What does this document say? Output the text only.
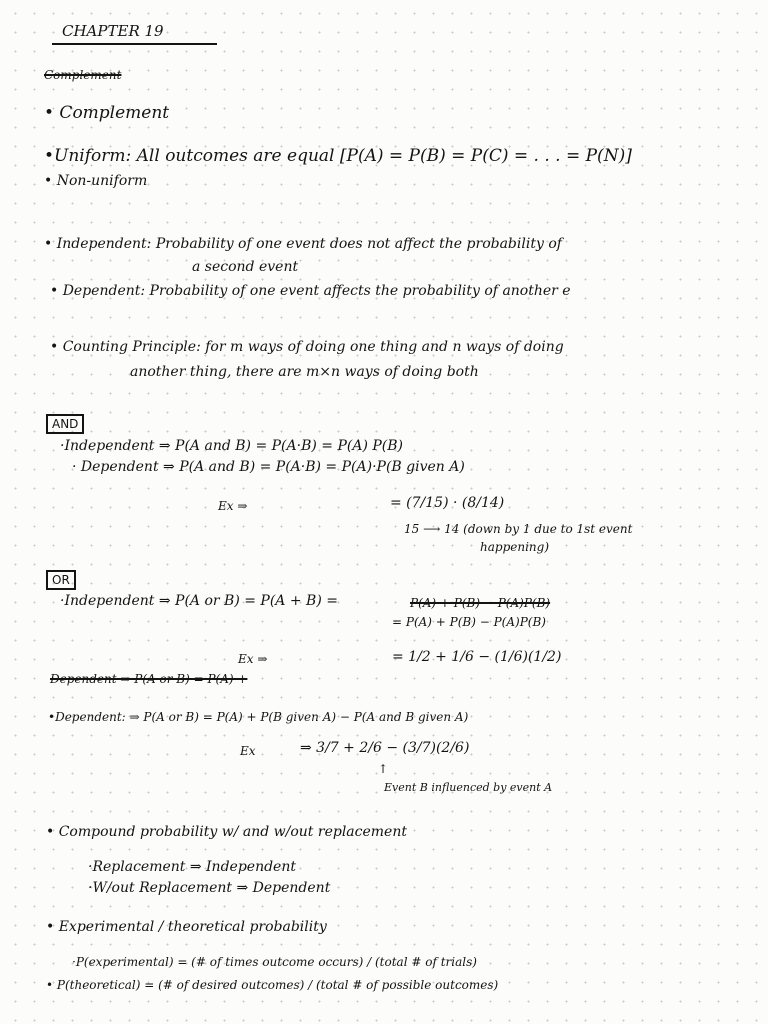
CHAPTER 19
Complement
• Complement
•Uniform: All outcomes are equal [P(A) = P(B) = P(C) = . . . = P(N)]
• Non-uniform
• Independent: Probability of one event does not affect the probability of
a second event
• Dependent: Probability of one event affects the probability of another e
• Counting Principle: for m ways of doing one thing and n ways of doing
another thing, there are m×n ways of doing both
AND
·Independent ⇒ P(A and B) = P(A·B) = P(A) P(B)
· Dependent ⇒ P(A and B) = P(A·B) = P(A)·P(B given A)
Ex ⇒	= (7/15) · (8/14)
15 ⟶ 14 (down by 1 due to 1st event
happening)
OR
·Independent ⇒ P(A or B) = P(A + B) =	P(A) + P(B) − P(A)P(B)
= P(A) + P(B) − P(A)P(B)
Ex ⇒	= 1/2 + 1/6 − (1/6)(1/2)
Dependent ⇒ P(A or B) = P(A) +
•Dependent: ⇒ P(A or B) = P(A) + P(B given A) − P(A and B given A)
Ex	⇒ 3/7 + 2/6 − (3/7)(2/6)
↑
Event B influenced by event A
• Compound probability w/ and w/out replacement
·Replacement ⇒ Independent
·W/out Replacement ⇒ Dependent
• Experimental / theoretical probability
·P(experimental) = (# of times outcome occurs) / (total # of trials)
• P(theoretical) = (# of desired outcomes) / (total # of possible outcomes)
